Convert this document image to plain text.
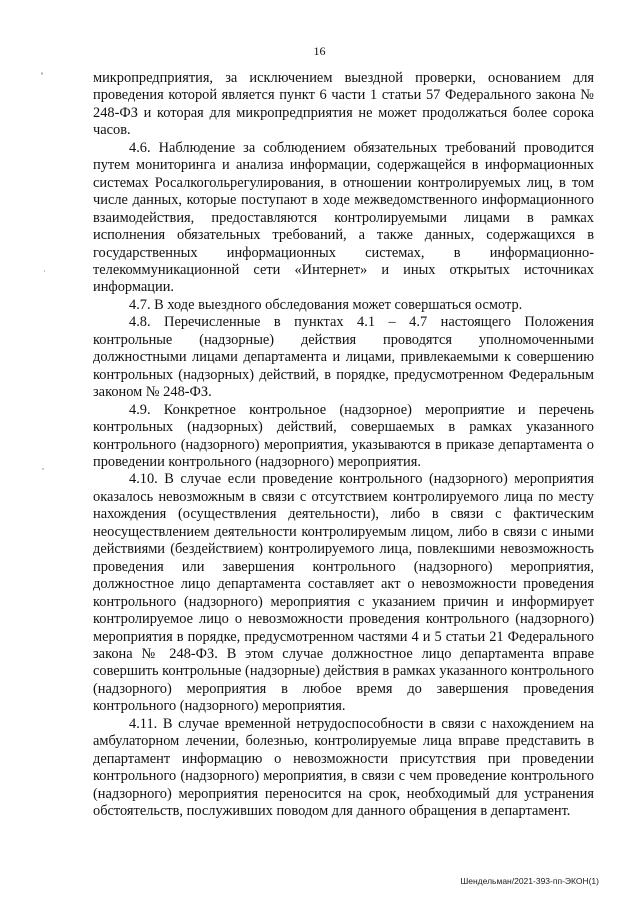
16

микропредприятия, за исключением выездной проверки, основанием для проведения которой является пункт 6 части 1 статьи 57 Федерального закона № 248-ФЗ и которая для микропредприятия не может продолжаться более сорока часов.

4.6. Наблюдение за соблюдением обязательных требований проводится путем мониторинга и анализа информации, содержащейся в информационных системах Росалкогольрегулирования, в отношении контролируемых лиц, в том числе данных, которые поступают в ходе межведомственного информационного взаимодействия, предоставляются контролируемыми лицами в рамках исполнения обязательных требований, а также данных, содержащихся в государственных информационных системах, в информационно-телекоммуникационной сети «Интернет» и иных открытых источниках информации.

4.7. В ходе выездного обследования может совершаться осмотр.

4.8. Перечисленные в пунктах 4.1 – 4.7 настоящего Положения контрольные (надзорные) действия проводятся уполномоченными должностными лицами департамента и лицами, привлекаемыми к совершению контрольных (надзорных) действий, в порядке, предусмотренном Федеральным законом № 248-ФЗ.

4.9. Конкретное контрольное (надзорное) мероприятие и перечень контрольных (надзорных) действий, совершаемых в рамках указанного контрольного (надзорного) мероприятия, указываются в приказе департамента о проведении контрольного (надзорного) мероприятия.

4.10. В случае если проведение контрольного (надзорного) мероприятия оказалось невозможным в связи с отсутствием контролируемого лица по месту нахождения (осуществления деятельности), либо в связи с фактическим неосуществлением деятельности контролируемым лицом, либо в связи с иными действиями (бездействием) контролируемого лица, повлекшими невозможность проведения или завершения контрольного (надзорного) мероприятия, должностное лицо департамента составляет акт о невозможности проведения контрольного (надзорного) мероприятия с указанием причин и информирует контролируемое лицо о невозможности проведения контрольного (надзорного) мероприятия в порядке, предусмотренном частями 4 и 5 статьи 21 Федерального закона № 248-ФЗ. В этом случае должностное лицо департамента вправе совершить контрольные (надзорные) действия в рамках указанного контрольного (надзорного) мероприятия в любое время до завершения проведения контрольного (надзорного) мероприятия.

4.11. В случае временной нетрудоспособности в связи с нахождением на амбулаторном лечении, болезнью, контролируемые лица вправе представить в департамент информацию о невозможности присутствия при проведении контрольного (надзорного) мероприятия, в связи с чем проведение контрольного (надзорного) мероприятия переносится на срок, необходимый для устранения обстоятельств, послуживших поводом для данного обращения в департамент.

Шендельман/2021-393-пп-ЭКОН(1)
